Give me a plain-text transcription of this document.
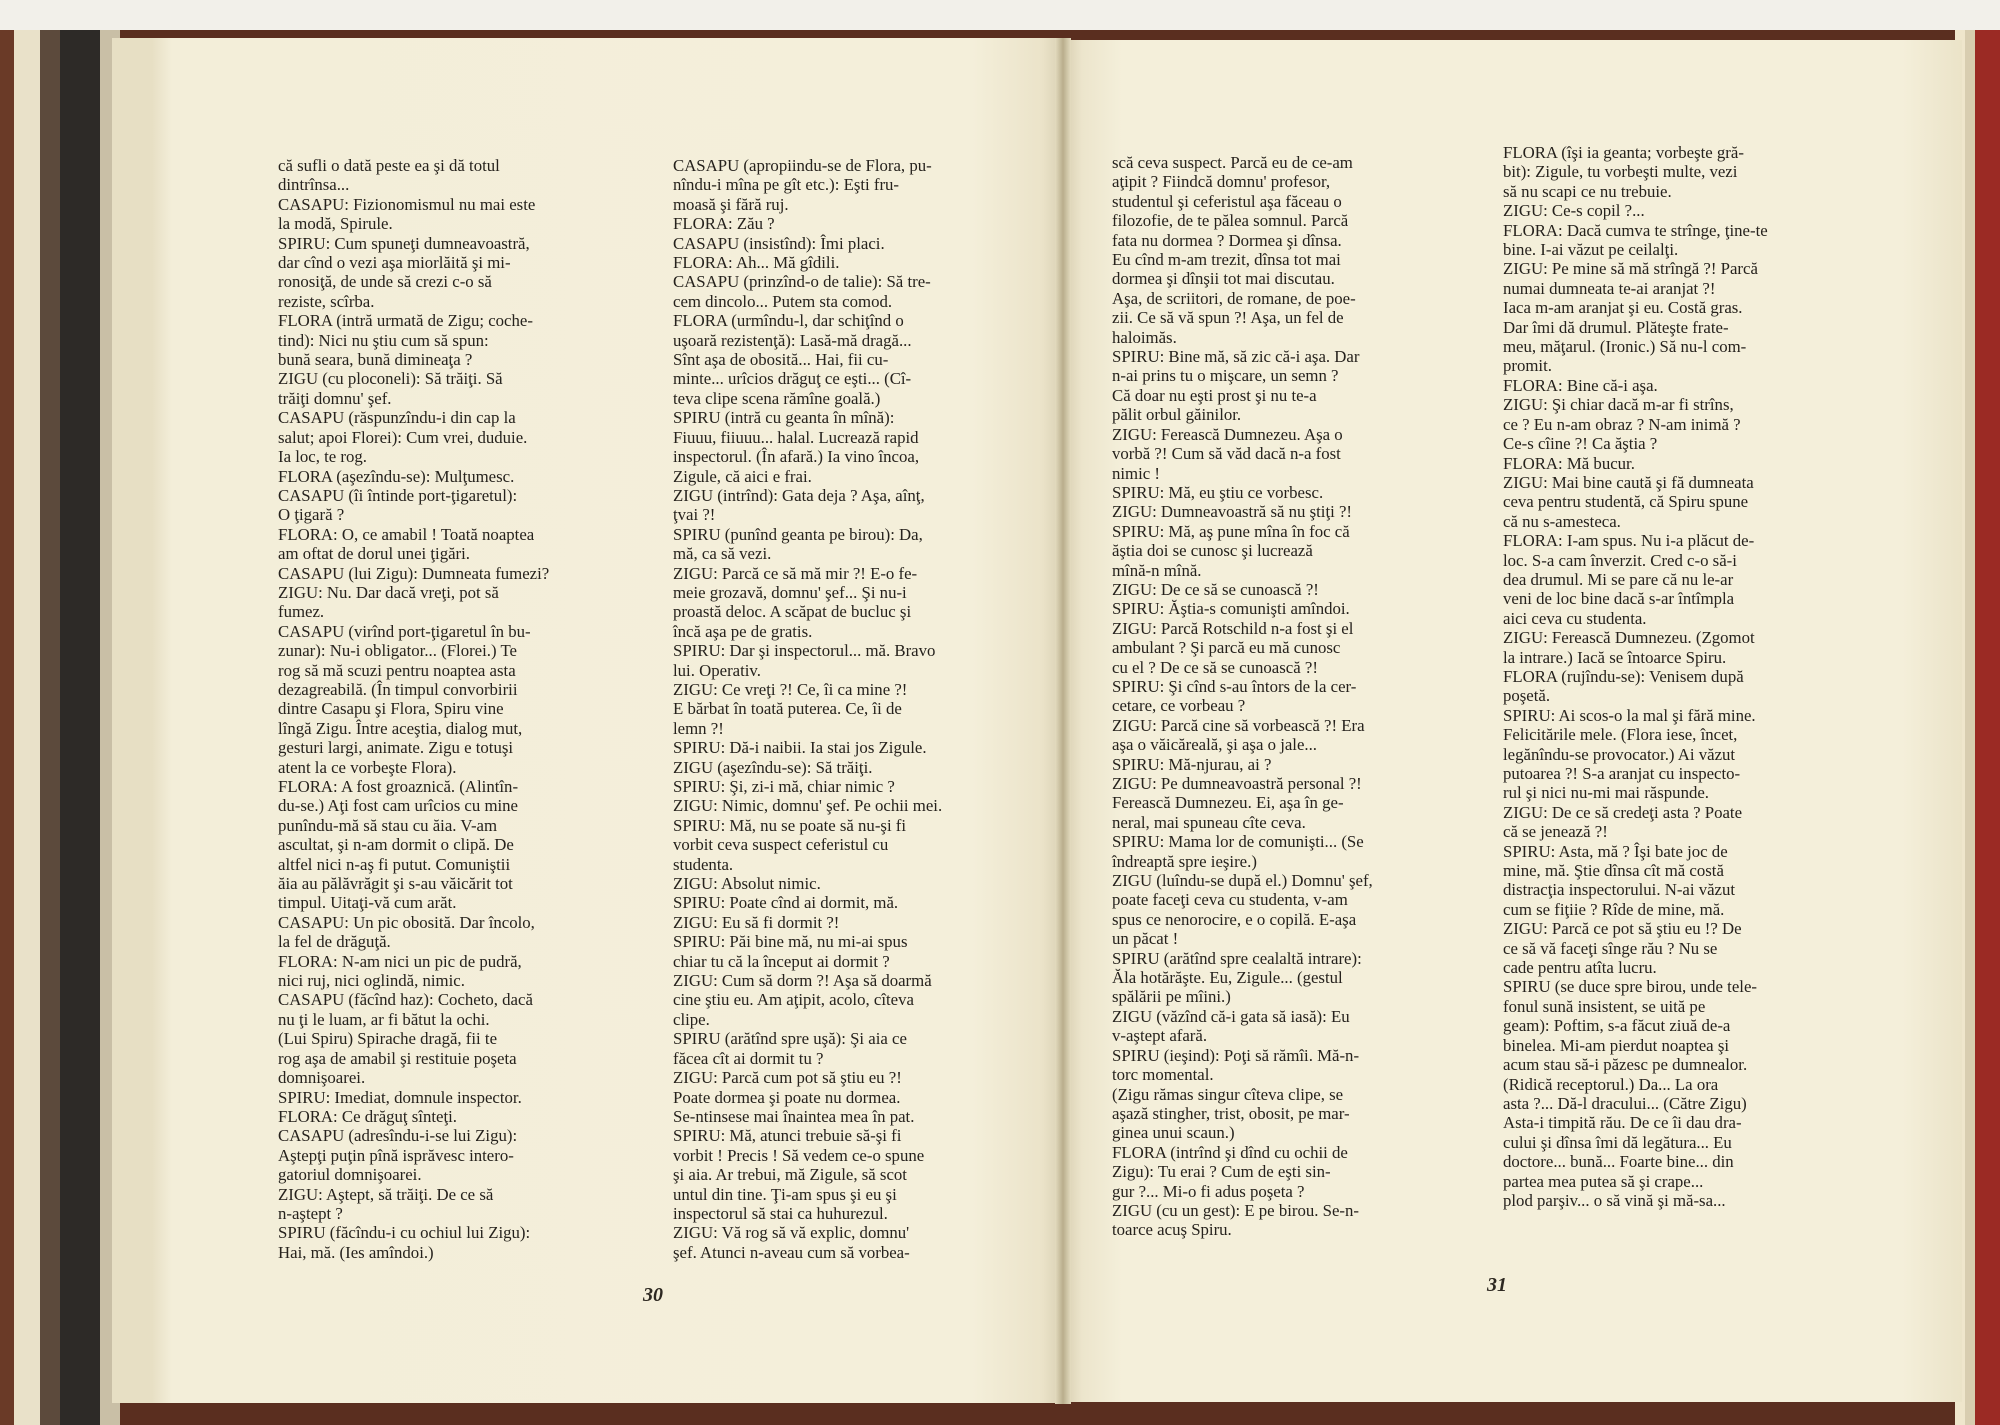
că sufli o dată peste ea şi dă totul
dintrînsa...
CASAPU: Fizionomismul nu mai este
la modă, Spirule.
SPIRU: Cum spuneţi dumneavoastră,
dar cînd o vezi aşa miorlăită şi mi-
ronosiţă, de unde să crezi c-o să
reziste, scîrba.
FLORA (intră urmată de Zigu; coche-
tind): Nici nu ştiu cum să spun:
bună seara, bună dimineaţa ?
ZIGU (cu ploconeli): Să trăiţi. Să
trăiţi domnu' şef.
CASAPU (răspunzîndu-i din cap la
salut; apoi Florei): Cum vrei, duduie.
Ia loc, te rog.
FLORA (aşezîndu-se): Mulţumesc.
CASAPU (îi întinde port-ţigaretul):
O ţigară ?
FLORA: O, ce amabil ! Toată noaptea
am oftat de dorul unei ţigări.
CASAPU (lui Zigu): Dumneata fumezi?
ZIGU: Nu. Dar dacă vreţi, pot să
fumez.
CASAPU (virînd port-ţigaretul în bu-
zunar): Nu-i obligator... (Florei.) Te
rog să mă scuzi pentru noaptea asta
dezagreabilă. (În timpul convorbirii
dintre Casapu şi Flora, Spiru vine
lîngă Zigu. Între aceştia, dialog mut,
gesturi largi, animate. Zigu e totuşi
atent la ce vorbeşte Flora).
FLORA: A fost groaznică. (Alintîn-
du-se.) Aţi fost cam urîcios cu mine
punîndu-mă să stau cu ăia. V-am
ascultat, şi n-am dormit o clipă. De
altfel nici n-aş fi putut. Comuniştii
ăia au pălăvrăgit şi s-au văicărit tot
timpul. Uitaţi-vă cum arăt.
CASAPU: Un pic obosită. Dar încolo,
la fel de drăguţă.
FLORA: N-am nici un pic de pudră,
nici ruj, nici oglindă, nimic.
CASAPU (făcînd haz): Cocheto, dacă
nu ţi le luam, ar fi bătut la ochi.
(Lui Spiru) Spirache dragă, fii te
rog aşa de amabil şi restituie poşeta
domnişoarei.
SPIRU: Imediat, domnule inspector.
FLORA: Ce drăguţ sînteţi.
CASAPU (adresîndu-i-se lui Zigu):
Aştepţi puţin pînă isprăvesc intero-
gatoriul domnişoarei.
ZIGU: Aştept, să trăiţi. De ce să
n-aştept ?
SPIRU (făcîndu-i cu ochiul lui Zigu):
Hai, mă. (Ies amîndoi.)
CASAPU (apropiindu-se de Flora, pu-
nîndu-i mîna pe gît etc.): Eşti fru-
moasă şi fără ruj.
FLORA: Zău ?
CASAPU (insistînd): Îmi placi.
FLORA: Ah... Mă gîdili.
CASAPU (prinzînd-o de talie): Să tre-
cem dincolo... Putem sta comod.
FLORA (urmîndu-l, dar schiţînd o
uşoară rezistenţă): Lasă-mă dragă...
Sînt aşa de obosită... Hai, fii cu-
minte... urîcios drăguţ ce eşti... (Cî-
teva clipe scena rămîne goală.)
SPIRU (intră cu geanta în mînă):
Fiuuu, fiiuuu... halal. Lucrează rapid
inspectorul. (În afară.) Ia vino încoa,
Zigule, că aici e frai.
ZIGU (intrînd): Gata deja ? Aşa, aînţ,
ţvai ?!
SPIRU (punînd geanta pe birou): Da,
mă, ca să vezi.
ZIGU: Parcă ce să mă mir ?! E-o fe-
meie grozavă, domnu' şef... Şi nu-i
proastă deloc. A scăpat de bucluc şi
încă aşa pe de gratis.
SPIRU: Dar şi inspectorul... mă. Bravo
lui. Operativ.
ZIGU: Ce vreţi ?! Ce, îi ca mine ?!
E bărbat în toată puterea. Ce, îi de
lemn ?!
SPIRU: Dă-i naibii. Ia stai jos Zigule.
ZIGU (aşezîndu-se): Să trăiţi.
SPIRU: Şi, zi-i mă, chiar nimic ?
ZIGU: Nimic, domnu' şef. Pe ochii mei.
SPIRU: Mă, nu se poate să nu-şi fi
vorbit ceva suspect ceferistul cu
studenta.
ZIGU: Absolut nimic.
SPIRU: Poate cînd ai dormit, mă.
ZIGU: Eu să fi dormit ?!
SPIRU: Păi bine mă, nu mi-ai spus
chiar tu că la început ai dormit ?
ZIGU: Cum să dorm ?! Aşa să doarmă
cine ştiu eu. Am aţipit, acolo, cîteva
clipe.
SPIRU (arătînd spre uşă): Şi aia ce
făcea cît ai dormit tu ?
ZIGU: Parcă cum pot să ştiu eu ?!
Poate dormea şi poate nu dormea.
Se-ntinsese mai înaintea mea în pat.
SPIRU: Mă, atunci trebuie să-şi fi
vorbit ! Precis ! Să vedem ce-o spune
şi aia. Ar trebui, mă Zigule, să scot
untul din tine. Ţi-am spus şi eu şi
inspectorul să stai ca huhurezul.
ZIGU: Vă rog să vă explic, domnu'
şef. Atunci n-aveau cum să vorbea-
scă ceva suspect. Parcă eu de ce-am
aţipit ? Fiindcă domnu' profesor,
studentul şi ceferistul aşa făceau o
filozofie, de te pălea somnul. Parcă
fata nu dormea ? Dormea şi dînsa.
Eu cînd m-am trezit, dînsa tot mai
dormea şi dînşii tot mai discutau.
Aşa, de scriitori, de romane, de poe-
zii. Ce să vă spun ?! Aşa, un fel de
haloimăs.
SPIRU: Bine mă, să zic că-i aşa. Dar
n-ai prins tu o mişcare, un semn ?
Că doar nu eşti prost şi nu te-a
pălit orbul găinilor.
ZIGU: Ferească Dumnezeu. Aşa o
vorbă ?! Cum să văd dacă n-a fost
nimic !
SPIRU: Mă, eu ştiu ce vorbesc.
ZIGU: Dumneavoastră să nu ştiţi ?!
SPIRU: Mă, aş pune mîna în foc că
ăştia doi se cunosc şi lucrează
mînă-n mînă.
ZIGU: De ce să se cunoască ?!
SPIRU: Ăştia-s comunişti amîndoi.
ZIGU: Parcă Rotschild n-a fost şi el
ambulant ? Şi parcă eu mă cunosc
cu el ? De ce să se cunoască ?!
SPIRU: Şi cînd s-au întors de la cer-
cetare, ce vorbeau ?
ZIGU: Parcă cine să vorbească ?! Era
aşa o văicăreală, şi aşa o jale...
SPIRU: Mă-njurau, ai ?
ZIGU: Pe dumneavoastră personal ?!
Ferească Dumnezeu. Ei, aşa în ge-
neral, mai spuneau cîte ceva.
SPIRU: Mama lor de comunişti... (Se
îndreaptă spre ieşire.)
ZIGU (luîndu-se după el.) Domnu' şef,
poate faceţi ceva cu studenta, v-am
spus ce nenorocire, e o copilă. E-aşa
un păcat !
SPIRU (arătînd spre cealaltă intrare):
Ăla hotărăşte. Eu, Zigule... (gestul
spălării pe mîini.)
ZIGU (văzînd că-i gata să iasă): Eu
v-aştept afară.
SPIRU (ieşind): Poţi să rămîi. Mă-n-
torc momental.
(Zigu rămas singur cîteva clipe, se
aşază stingher, trist, obosit, pe mar-
ginea unui scaun.)
FLORA (intrînd şi dînd cu ochii de
Zigu): Tu erai ? Cum de eşti sin-
gur ?... Mi-o fi adus poşeta ?
ZIGU (cu un gest): E pe birou. Se-n-
toarce acuş Spiru.
FLORA (îşi ia geanta; vorbeşte gră-
bit): Zigule, tu vorbeşti multe, vezi
să nu scapi ce nu trebuie.
ZIGU: Ce-s copil ?...
FLORA: Dacă cumva te strînge, ţine-te
bine. I-ai văzut pe ceilalţi.
ZIGU: Pe mine să mă strîngă ?! Parcă
numai dumneata te-ai aranjat ?!
Iaca m-am aranjat şi eu. Costă gras.
Dar îmi dă drumul. Plăteşte frate-
meu, măţarul. (Ironic.) Să nu-l com-
promit.
FLORA: Bine că-i aşa.
ZIGU: Şi chiar dacă m-ar fi strîns,
ce ? Eu n-am obraz ? N-am inimă ?
Ce-s cîine ?! Ca ăştia ?
FLORA: Mă bucur.
ZIGU: Mai bine caută şi fă dumneata
ceva pentru studentă, că Spiru spune
că nu s-amesteca.
FLORA: I-am spus. Nu i-a plăcut de-
loc. S-a cam înverzit. Cred c-o să-i
dea drumul. Mi se pare că nu le-ar
veni de loc bine dacă s-ar întîmpla
aici ceva cu studenta.
ZIGU: Ferească Dumnezeu. (Zgomot
la intrare.) Iacă se întoarce Spiru.
FLORA (rujîndu-se): Venisem după
poşetă.
SPIRU: Ai scos-o la mal şi fără mine.
Felicitările mele. (Flora iese, încet,
legănîndu-se provocator.) Ai văzut
putoarea ?! S-a aranjat cu inspecto-
rul şi nici nu-mi mai răspunde.
ZIGU: De ce să credeţi asta ? Poate
că se jenează ?!
SPIRU: Asta, mă ? Îşi bate joc de
mine, mă. Ştie dînsa cît mă costă
distracţia inspectorului. N-ai văzut
cum se fiţiie ? Rîde de mine, mă.
ZIGU: Parcă ce pot să ştiu eu !? De
ce să vă faceţi sînge rău ? Nu se
cade pentru atîta lucru.
SPIRU (se duce spre birou, unde tele-
fonul sună insistent, se uită pe
geam): Poftim, s-a făcut ziuă de-a
binelea. Mi-am pierdut noaptea şi
acum stau să-i păzesc pe dumnealor.
(Ridică receptorul.) Da... La ora
asta ?... Dă-l dracului... (Către Zigu)
Asta-i timpită rău. De ce îi dau dra-
cului şi dînsa îmi dă legătura... Eu
doctore... bună... Foarte bine... din
partea mea putea să şi crape...
plod parşiv... o să vină şi mă-sa...
30	31
